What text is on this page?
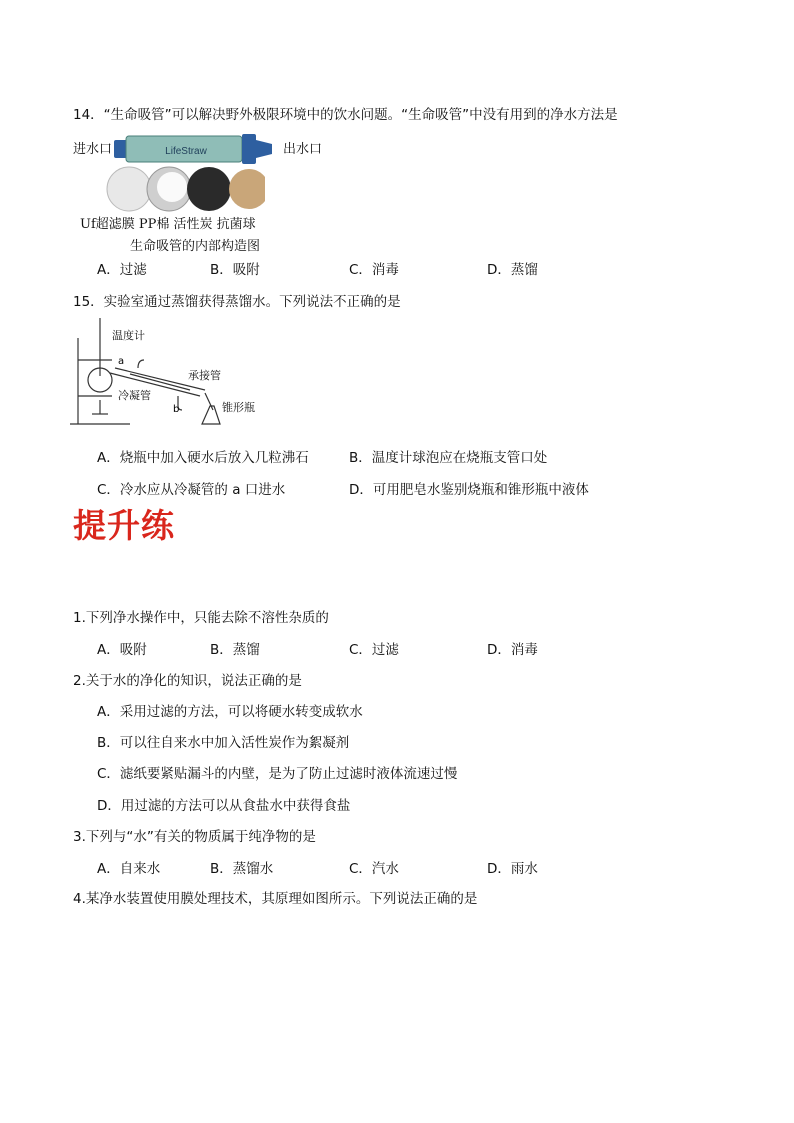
14．“生命吸管”可以解决野外极限环境中的饮水问题。“生命吸管”中没有用到的净水方法是
进水口	出水口
LifeStraw
Uf超滤膜 PP棉 活性炭 抗菌球
生命吸管的内部构造图
A．过滤	B．吸附	C．消毒	D．蒸馏
15．实验室通过蒸馏获得蒸馏水。下列说法不正确的是
a
b
温度计
承接管
冷凝管
锥形瓶
A．烧瓶中加入硬水后放入几粒沸石	B．温度计球泡应在烧瓶支管口处
C．冷水应从冷凝管的 a 口进水	D．可用肥皂水鉴别烧瓶和锥形瓶中液体
提升练
1.下列净水操作中，只能去除不溶性杂质的
A．吸附	B．蒸馏	C．过滤	D．消毒
2.关于水的净化的知识，说法正确的是
A．采用过滤的方法，可以将硬水转变成软水
B．可以往自来水中加入活性炭作为絮凝剂
C．滤纸要紧贴漏斗的内壁，是为了防止过滤时液体流速过慢
D．用过滤的方法可以从食盐水中获得食盐
3.下列与“水”有关的物质属于纯净物的是
A．自来水	B．蒸馏水	C．汽水	D．雨水
4.某净水装置使用膜处理技术，其原理如图所示。下列说法正确的是
